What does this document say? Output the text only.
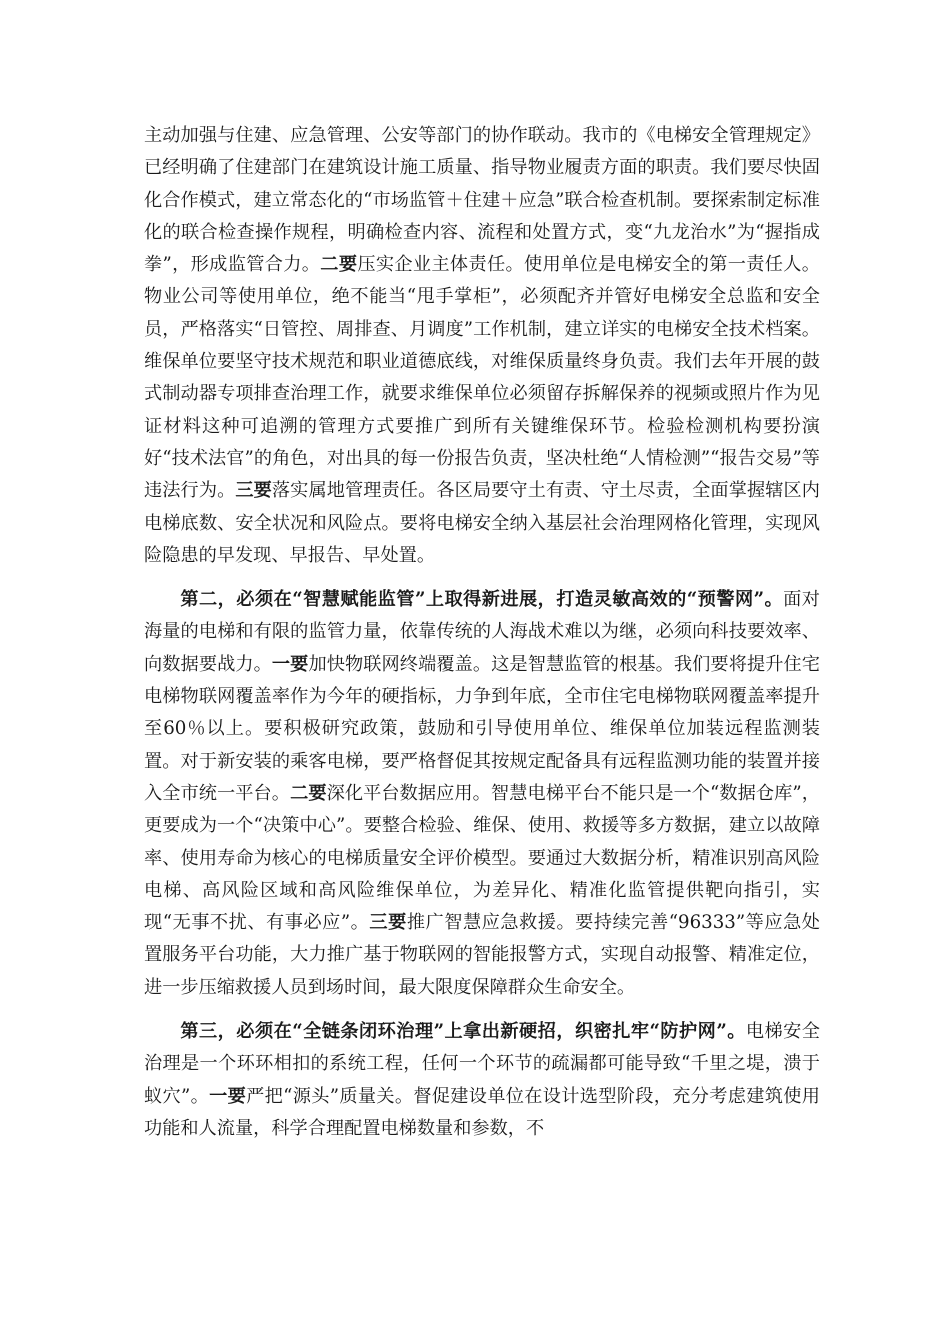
主动加强与住建、应急管理、公安等部门的协作联动。我市的《电梯安全管理规定》已经明确了住建部门在建筑设计施工质量、指导物业履责方面的职责。我们要尽快固化合作模式，建立常态化的“市场监管＋住建＋应急”联合检查机制。要探索制定标准化的联合检查操作规程，明确检查内容、流程和处置方式，变“九龙治水”为“握指成拳”，形成监管合力。二要压实企业主体责任。使用单位是电梯安全的第一责任人。物业公司等使用单位，绝不能当“甩手掌柜”，必须配齐并管好电梯安全总监和安全员，严格落实“日管控、周排查、月调度”工作机制，建立详实的电梯安全技术档案。维保单位要坚守技术规范和职业道德底线，对维保质量终身负责。我们去年开展的鼓式制动器专项排查治理工作，就要求维保单位必须留存拆解保养的视频或照片作为见证材料这种可追溯的管理方式要推广到所有关键维保环节。检验检测机构要扮演好“技术法官”的角色，对出具的每一份报告负责，坚决杜绝“人情检测”“报告交易”等违法行为。三要落实属地管理责任。各区局要守土有责、守土尽责，全面掌握辖区内电梯底数、安全状况和风险点。要将电梯安全纳入基层社会治理网格化管理，实现风险隐患的早发现、早报告、早处置。

第二，必须在“智慧赋能监管”上取得新进展，打造灵敏高效的“预警网”。面对海量的电梯和有限的监管力量，依靠传统的人海战术难以为继，必须向科技要效率、向数据要战力。一要加快物联网终端覆盖。这是智慧监管的根基。我们要将提升住宅电梯物联网覆盖率作为今年的硬指标，力争到年底，全市住宅电梯物联网覆盖率提升至60％以上。要积极研究政策，鼓励和引导使用单位、维保单位加装远程监测装置。对于新安装的乘客电梯，要严格督促其按规定配备具有远程监测功能的装置并接入全市统一平台。二要深化平台数据应用。智慧电梯平台不能只是一个“数据仓库”，更要成为一个“决策中心”。要整合检验、维保、使用、救援等多方数据，建立以故障率、使用寿命为核心的电梯质量安全评价模型。要通过大数据分析，精准识别高风险电梯、高风险区域和高风险维保单位，为差异化、精准化监管提供靶向指引，实现“无事不扰、有事必应”。三要推广智慧应急救援。要持续完善“96333”等应急处置服务平台功能，大力推广基于物联网的智能报警方式，实现自动报警、精准定位，进一步压缩救援人员到场时间，最大限度保障群众生命安全。

第三，必须在“全链条闭环治理”上拿出新硬招，织密扎牢“防护网”。电梯安全治理是一个环环相扣的系统工程，任何一个环节的疏漏都可能导致“千里之堤，溃于蚁穴”。一要严把“源头”质量关。督促建设单位在设计选型阶段，充分考虑建筑使用功能和人流量，科学合理配置电梯数量和参数，不
